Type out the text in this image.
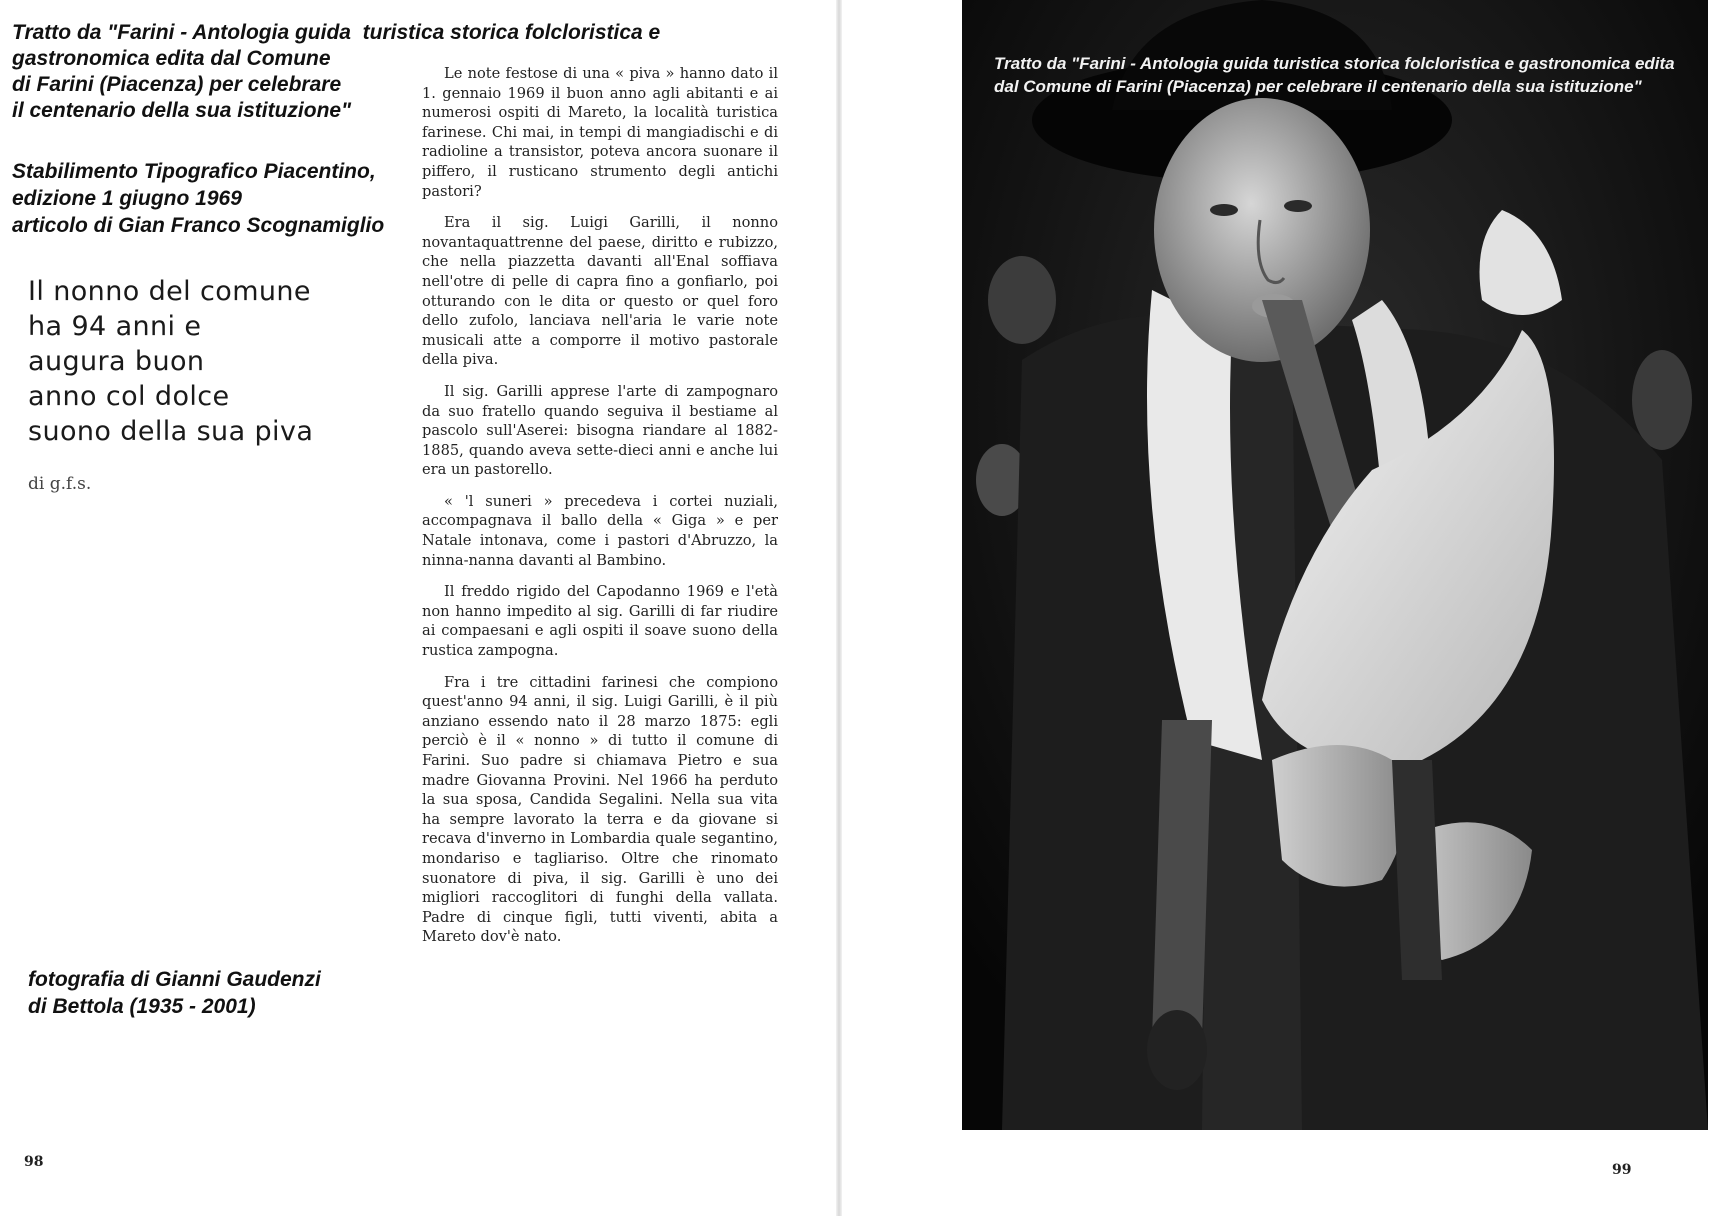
Tratto da "Farini - Antologia guida  turistica storica folcloristica e

gastronomica edita dal Comune

di Farini (Piacenza) per celebrare

il centenario della sua istituzione"

Stabilimento Tipografico Piacentino,
edizione 1 giugno 1969
articolo di Gian Franco Scognamiglio
Il nonno del comune
ha 94 anni e
augura buon
anno col dolce
suono della sua piva
di g.f.s.

Le note festose di una « piva » hanno dato il 1. gennaio 1969 il buon anno agli abitanti e ai numerosi ospiti di Mareto, la località turistica farinese. Chi mai, in tempi di mangiadischi e di radioline a transistor, poteva ancora suonare il piffero, il rusticano strumento degli antichi pastori?

Era il sig. Luigi Garilli, il nonno novantaquattrenne del paese, diritto e rubizzo, che nella piazzetta davanti all'Enal soffiava nell'otre di pelle di capra fino a gonfiarlo, poi otturando con le dita or questo or quel foro dello zufolo, lanciava nell'aria le varie note musicali atte a comporre il motivo pastorale della piva.

Il sig. Garilli apprese l'arte di zampognaro da suo fratello quando seguiva il bestiame al pascolo sull'Aserei: bisogna riandare al 1882-1885, quando aveva sette-dieci anni e anche lui era un pastorello.

« 'l suneri » precedeva i cortei nuziali, accompagnava il ballo della « Giga » e per Natale intonava, come i pastori d'Abruzzo, la ninna-nanna davanti al Bambino.

Il freddo rigido del Capodanno 1969 e l'età non hanno impedito al sig. Garilli di far riudire ai compaesani e agli ospiti il soave suono della rustica zampogna.

Fra i tre cittadini farinesi che compiono quest'anno 94 anni, il sig. Luigi Garilli, è il più anziano essendo nato il 28 marzo 1875: egli perciò è il « nonno » di tutto il comune di Farini. Suo padre si chiamava Pietro e sua madre Giovanna Provini. Nel 1966 ha perduto la sua sposa, Candida Segalini. Nella sua vita ha sempre lavorato la terra e da giovane si recava d'inverno in Lombardia quale segantino, mondariso e tagliariso. Oltre che rinomato suonatore di piva, il sig. Garilli è uno dei migliori raccoglitori di funghi della vallata. Padre di cinque figli, tutti viventi, abita a Mareto dov'è nato.

fotografia di Gianni Gaudenzi
di Bettola (1935 - 2001)
98
Tratto da "Farini - Antologia guida turistica storica folcloristica e gastronomica edita dal Comune di Farini (Piacenza) per celebrare il centenario della sua istituzione"
99
